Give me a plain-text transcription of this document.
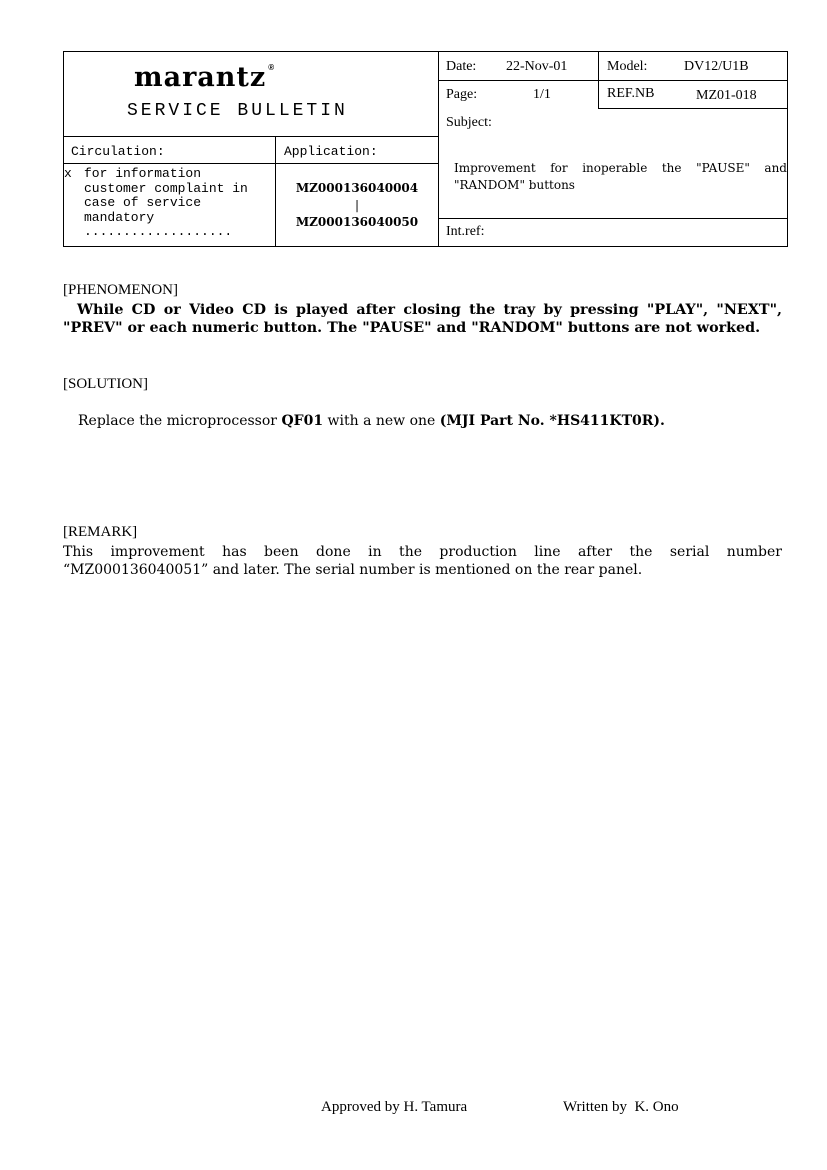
marantz ®
SERVICE BULLETIN
Circulation:	Application:
x for information
customer complaint in
case of service
mandatory
...................
MZ000136040004
|
MZ000136040050
Date: 22-Nov-01	Model:	DV12/U1B
Page:	1/1	REF.NB	MZ01-018
Subject:
Improvement for inoperable the "PAUSE" and "RANDOM" buttons
Int.ref:
[PHENOMENON]
While CD or Video CD is played after closing the tray by pressing "PLAY", "NEXT",
"PREV" or each numeric button. The "PAUSE" and "RANDOM" buttons are not worked.
[SOLUTION]
Replace the microprocessor QF01 with a new one (MJI Part No. *HS411KT0R).
[REMARK]
This improvement has been done in the production line after the serial number
“MZ000136040051” and later. The serial number is mentioned on the rear panel.
Approved by H. Tamura	Written by  K. Ono
